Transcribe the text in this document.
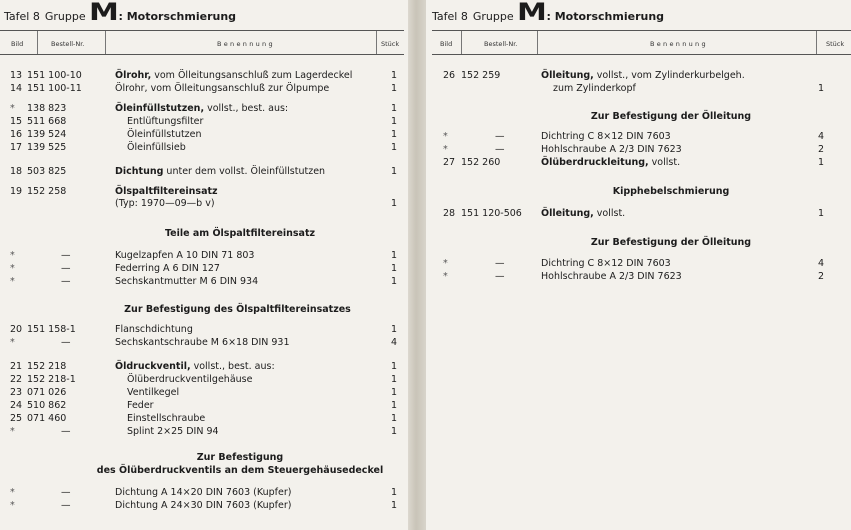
Tafel 8 Gruppe M : Motorschmierung
Bild	Bestell-Nr.	Benennung	Stück
13 151 100-10	Ölrohr, vom Ölleitungsanschluß zum Lagerdeckel	1
14 151 100-11	Ölrohr, vom Ölleitungsanschluß zur Ölpumpe	1
* 138 823	Öleinfüllstutzen, vollst., best. aus:	1
15 511 668	Entlüftungsfilter	1
16 139 524	Öleinfüllstutzen	1
17 139 525	Öleinfüllsieb	1
18 503 825	Dichtung unter dem vollst. Öleinfüllstutzen	1
19 152 258	Ölspaltfiltereinsatz
(Typ: 1970—09—b v)	1
*	—	Kugelzapfen A 10 DIN 71 803	1
*	—	Federring A 6 DIN 127	1
*	—	Sechskantmutter M 6 DIN 934	1
20 151 158-1	Flanschdichtung	1
*	—	Sechskantschraube M 6×18 DIN 931	4
21 152 218	Öldruckventil, vollst., best. aus:	1
22 152 218-1	Ölüberdruckventilgehäuse	1
23 071 026	Ventilkegel	1
24 510 862	Feder	1
25 071 460	Einstellschraube	1
*	—	Splint 2×25 DIN 94	1
*	—	Dichtung A 14×20 DIN 7603 (Kupfer)	1
*	—	Dichtung A 24×30 DIN 7603 (Kupfer)	1
Teile am Ölspaltfiltereinsatz
Zur Befestigung des Ölspaltfiltereinsatzes
Zur Befestigung
des Ölüberdruckventils an dem Steuergehäusedeckel
Tafel 8 Gruppe M : Motorschmierung
Bild	Bestell-Nr.	Benennung	Stück
26 152 259	Ölleitung, vollst., vom Zylinderkurbelgeh.
zum Zylinderkopf	1
*	—	Dichtring C 8×12 DIN 7603	4
*	—	Hohlschraube A 2/3 DIN 7623	2
27 152 260	Ölüberdruckleitung, vollst.	1
28 151 120-506 Ölleitung, vollst.	1
*	—	Dichtring C 8×12 DIN 7603	4
*	—	Hohlschraube A 2/3 DIN 7623	2
Zur Befestigung der Ölleitung
Kipphebelschmierung
Zur Befestigung der Ölleitung
